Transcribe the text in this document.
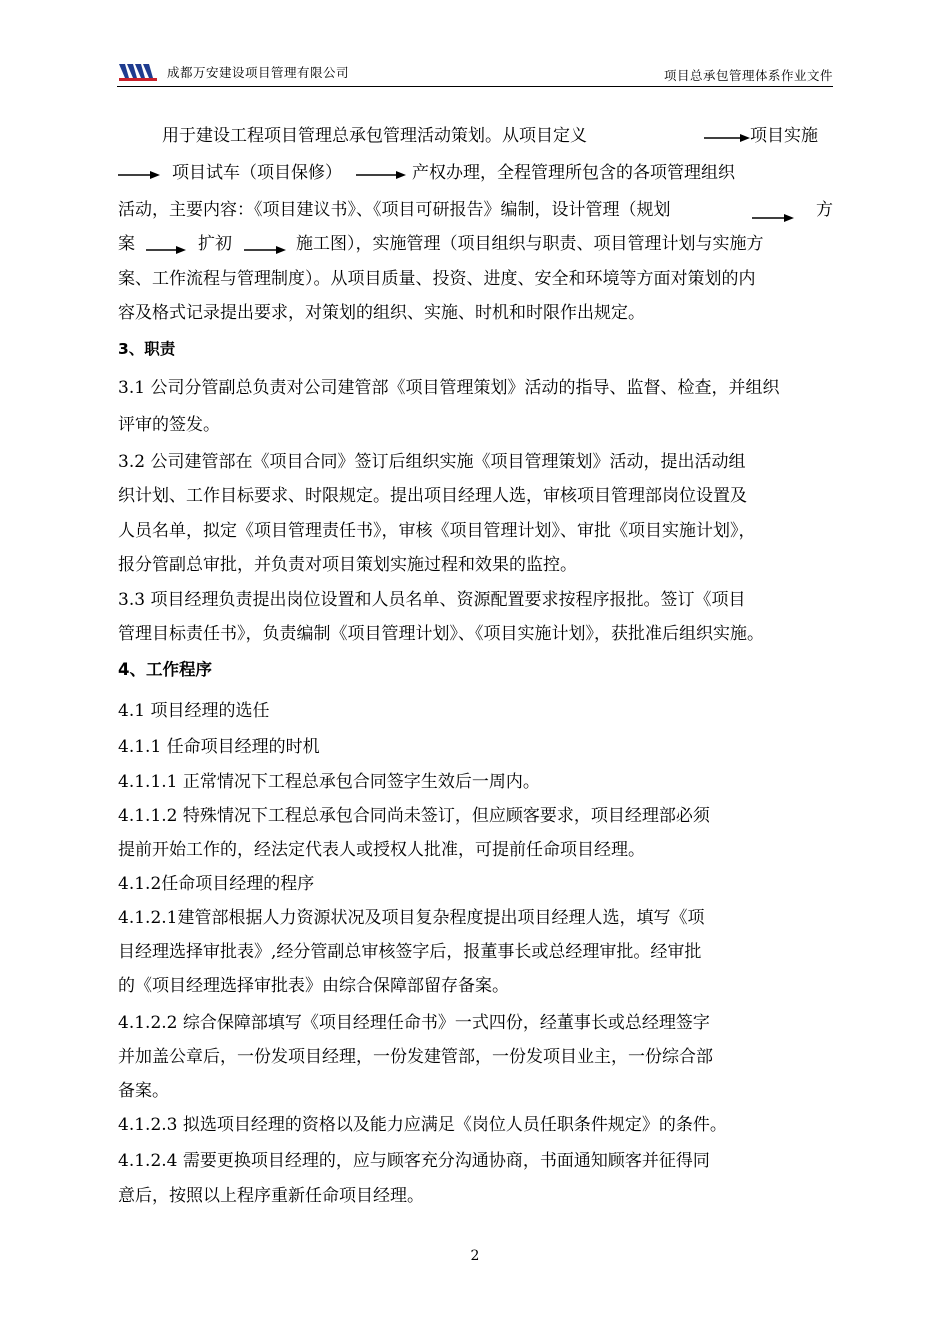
成都万安建设项目管理有限公司	项目总承包管理体系作业文件
用于建设工程项目管理总承包管理活动策划。从项目定义	项目实施
项目试车（项目保修）	产权办理，全程管理所包含的各项管理组织
活动，主要内容：《项目建议书》、《项目可研报告》编制，设计管理（规划	方
案	扩初	施工图），实施管理（项目组织与职责、项目管理计划与实施方
案、工作流程与管理制度）。从项目质量、投资、进度、安全和环境等方面对策划的内
容及格式记录提出要求，对策划的组织、实施、时机和时限作出规定。
3、职责
3.1 公司分管副总负责对公司建管部《项目管理策划》活动的指导、监督、检查，并组织
评审的签发。
3.2 公司建管部在《项目合同》签订后组织实施《项目管理策划》活动，提出活动组
织计划、工作目标要求、时限规定。提出项目经理人选，审核项目管理部岗位设置及
人员名单，拟定《项目管理责任书》，审核《项目管理计划》、审批《项目实施计划》，
报分管副总审批，并负责对项目策划实施过程和效果的监控。
3.3 项目经理负责提出岗位设置和人员名单、资源配置要求按程序报批。签订《项目
管理目标责任书》，负责编制《项目管理计划》、《项目实施计划》，获批准后组织实施。
4、工作程序
4.1 项目经理的选任
4.1.1 任命项目经理的时机
4.1.1.1 正常情况下工程总承包合同签字生效后一周内。
4.1.1.2 特殊情况下工程总承包合同尚未签订，但应顾客要求，项目经理部必须
提前开始工作的，经法定代表人或授权人批准，可提前任命项目经理。
4.1.2任命项目经理的程序
4.1.2.1建管部根据人力资源状况及项目复杂程度提出项目经理人选，填写《项
目经理选择审批表》,经分管副总审核签字后，报董事长或总经理审批。经审批
的《项目经理选择审批表》由综合保障部留存备案。
4.1.2.2 综合保障部填写《项目经理任命书》一式四份，经董事长或总经理签字
并加盖公章后，一份发项目经理，一份发建管部，一份发项目业主，一份综合部
备案。
4.1.2.3 拟选项目经理的资格以及能力应满足《岗位人员任职条件规定》的条件。
4.1.2.4 需要更换项目经理的，应与顾客充分沟通协商，书面通知顾客并征得同
意后，按照以上程序重新任命项目经理。
2
